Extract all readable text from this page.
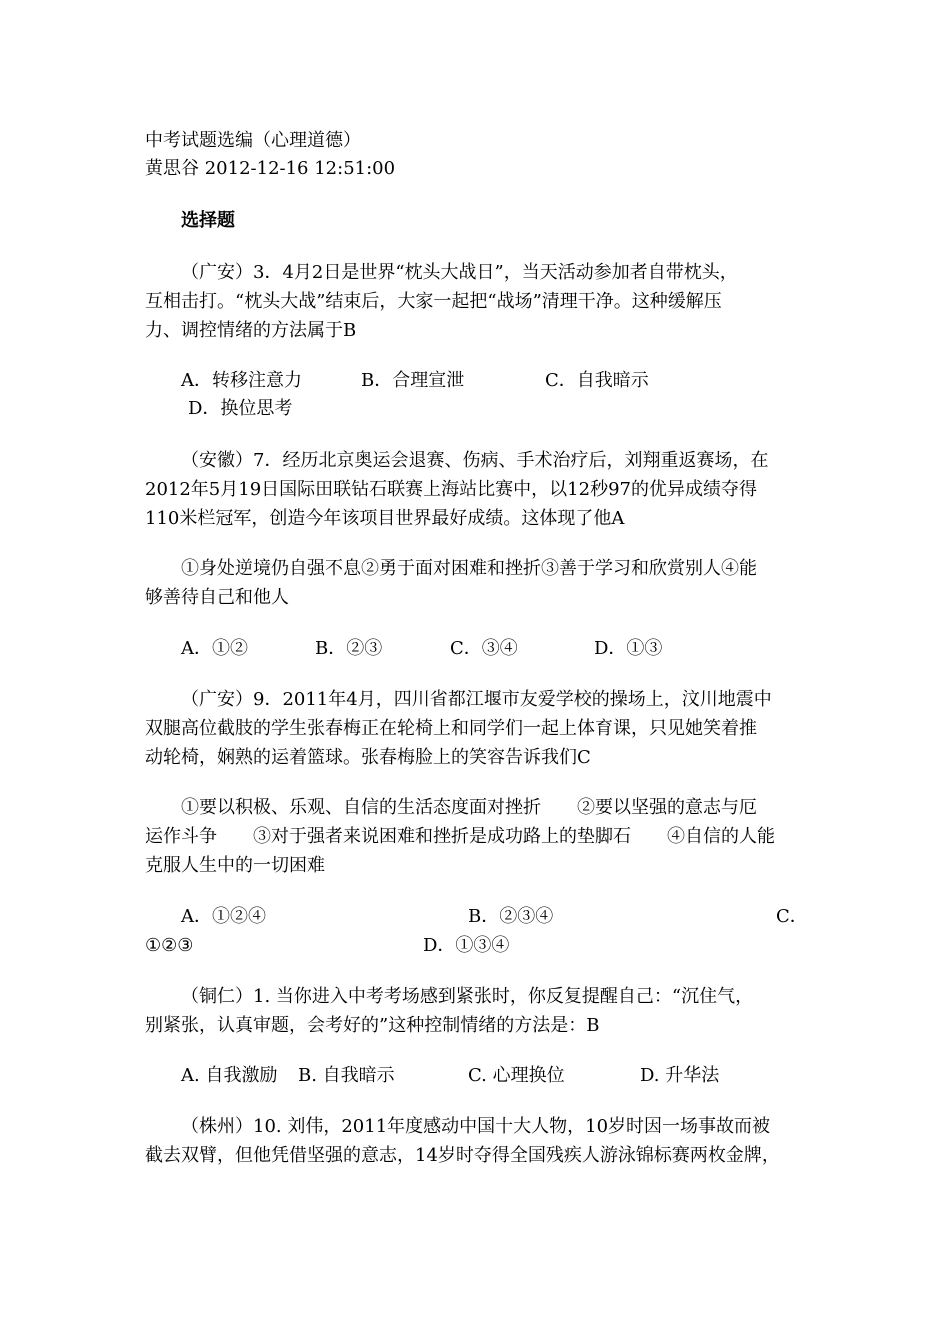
中考试题选编（心理道德）
黄思谷 2012-12-16 12:51:00
选择题
（广安）3．4月2日是世界“枕头大战日”，当天活动参加者自带枕头，
互相击打。“枕头大战”结束后，大家一起把“战场”清理干净。这种缓解压
力、调控情绪的方法属于B
A．转移注意力	B．合理宣泄	C．自我暗示
D．换位思考
（安徽）7．经历北京奥运会退赛、伤病、手术治疗后，刘翔重返赛场，在
2012年5月19日国际田联钻石联赛上海站比赛中，以12秒97的优异成绩夺得
110米栏冠军，创造今年该项目世界最好成绩。这体现了他A
①身处逆境仍自强不息②勇于面对困难和挫折③善于学习和欣赏别人④能
够善待自己和他人
A．①②	B．②③	C．③④	D．①③
（广安）9．2011年4月，四川省都江堰市友爱学校的操场上，汶川地震中
双腿高位截肢的学生张春梅正在轮椅上和同学们一起上体育课，只见她笑着推
动轮椅，娴熟的运着篮球。张春梅脸上的笑容告诉我们C
①要以积极、乐观、自信的生活态度面对挫折　　②要以坚强的意志与厄
运作斗争　　③对于强者来说困难和挫折是成功路上的垫脚石　　④自信的人能
克服人生中的一切困难
A．①②④	B．②③④	C．
①②③	D．①③④
（铜仁）1. 当你进入中考考场感到紧张时，你反复提醒自己：“沉住气，
别紧张，认真审题，会考好的”这种控制情绪的方法是：B
A. 自我激励 B. 自我暗示	C. 心理换位	D. 升华法
（株州）10. 刘伟，2011年度感动中国十大人物，10岁时因一场事故而被
截去双臂，但他凭借坚强的意志，14岁时夺得全国残疾人游泳锦标赛两枚金牌，
